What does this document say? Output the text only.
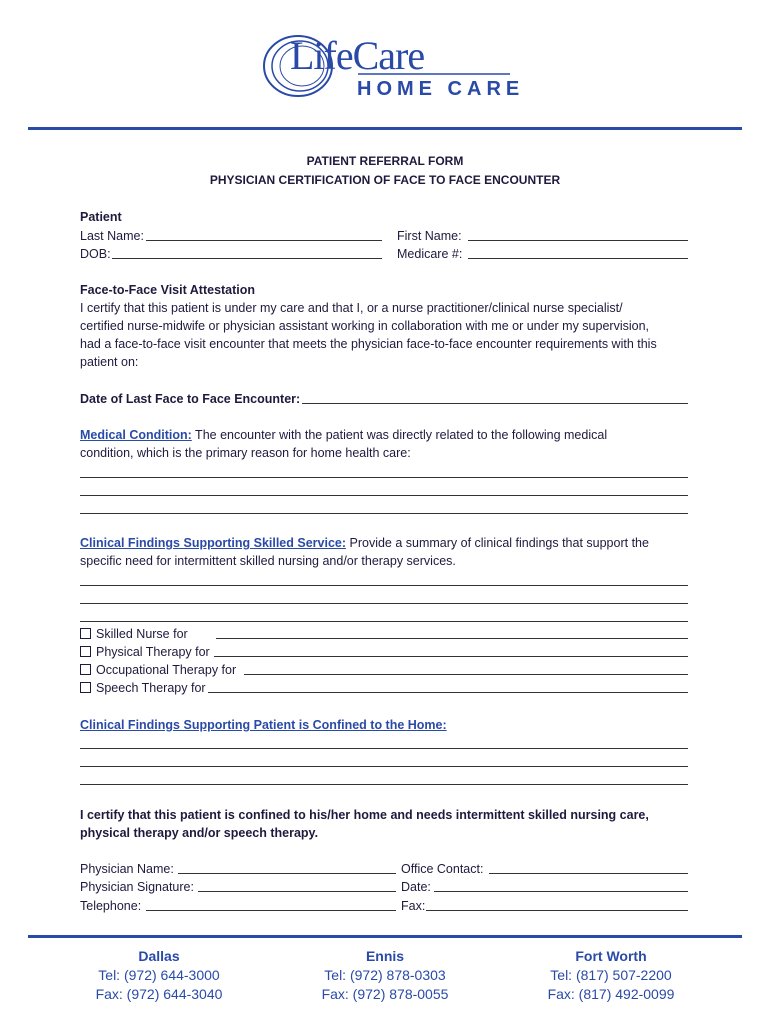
LifeCare
HOME CARE
PATIENT REFERRAL FORM
PHYSICIAN CERTIFICATION OF FACE TO FACE ENCOUNTER
Patient
Last Name:	First Name:
DOB:	Medicare #:
Face-to-Face Visit Attestation
I certify that this patient is under my care and that I, or a nurse practitioner/clinical nurse specialist/
certified nurse-midwife or physician assistant working in collaboration with me or under my supervision,
had a face-to-face visit encounter that meets the physician face-to-face encounter requirements with this
patient on:
Date of Last Face to Face Encounter:
Medical Condition: The encounter with the patient was directly related to the following medical
condition, which is the primary reason for home health care:
Clinical Findings Supporting Skilled Service: Provide a summary of clinical findings that support the
specific need for intermittent skilled nursing and/or therapy services.
Skilled Nurse for
Physical Therapy for
Occupational Therapy for
Speech Therapy for
Clinical Findings Supporting Patient is Confined to the Home:
I certify that this patient is confined to his/her home and needs intermittent skilled nursing care,
physical therapy and/or speech therapy.
Physician Name:	Office Contact:
Physician Signature:	Date:
Telephone:	Fax:
Dallas
Tel: (972) 644-3000
Fax: (972) 644-3040
Ennis
Tel: (972) 878-0303
Fax: (972) 878-0055
Fort Worth
Tel: (817) 507-2200
Fax: (817) 492-0099
